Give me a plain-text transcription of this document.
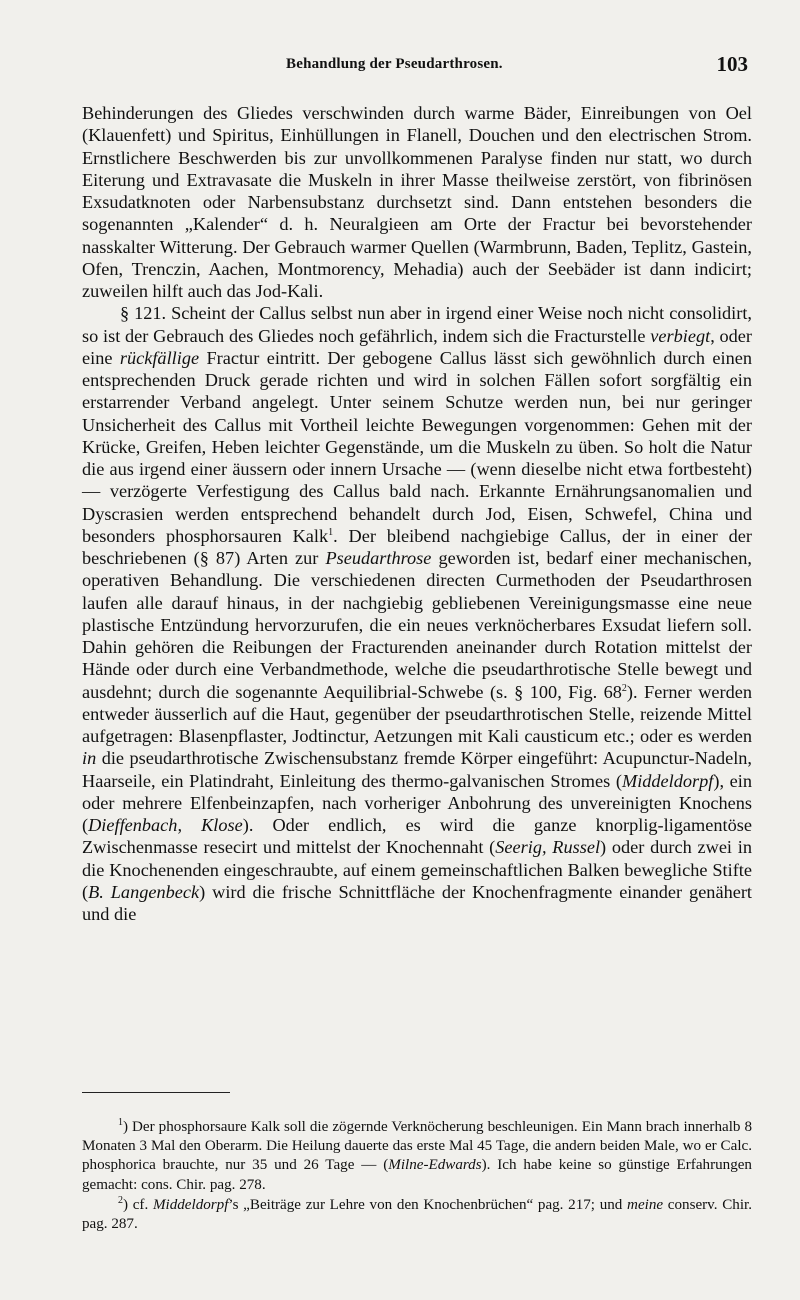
Behandlung der Pseudarthrosen.	103

Behinderungen des Gliedes verschwinden durch warme Bäder, Einreibungen von Oel (Klauenfett) und Spiritus, Einhüllungen in Flanell, Douchen und den electrischen Strom. Ernstlichere Beschwerden bis zur unvollkommenen Paralyse finden nur statt, wo durch Eiterung und Extravasate die Muskeln in ihrer Masse theilweise zerstört, von fibrinösen Exsudatknoten oder Narbensubstanz durchsetzt sind. Dann entstehen besonders die sogenannten „Kalender“ d. h. Neuralgieen am Orte der Fractur bei bevorstehender nasskalter Witterung. Der Gebrauch warmer Quellen (Warmbrunn, Baden, Teplitz, Gastein, Ofen, Trenczin, Aachen, Montmorency, Mehadia) auch der Seebäder ist dann indicirt; zuweilen hilft auch das Jod-Kali.

§ 121. Scheint der Callus selbst nun aber in irgend einer Weise noch nicht consolidirt, so ist der Gebrauch des Gliedes noch gefährlich, indem sich die Fracturstelle verbiegt, oder eine rückfällige Fractur eintritt. Der gebogene Callus lässt sich gewöhnlich durch einen entsprechenden Druck gerade richten und wird in solchen Fällen sofort sorgfältig ein erstarrender Verband angelegt. Unter seinem Schutze werden nun, bei nur geringer Unsicherheit des Callus mit Vortheil leichte Bewegungen vorgenommen: Gehen mit der Krücke, Greifen, Heben leichter Gegenstände, um die Muskeln zu üben. So holt die Natur die aus irgend einer äussern oder innern Ursache — (wenn dieselbe nicht etwa fortbesteht) — verzögerte Verfestigung des Callus bald nach. Erkannte Ernährungsanomalien und Dyscrasien werden entsprechend behandelt durch Jod, Eisen, Schwefel, China und besonders phosphorsauren Kalk$^1$. Der bleibend nachgiebige Callus, der in einer der beschriebenen (§ 87) Arten zur Pseudarthrose geworden ist, bedarf einer mechanischen, operativen Behandlung. Die verschiedenen directen Curmethoden der Pseudarthrosen laufen alle darauf hinaus, in der nachgiebig gebliebenen Vereinigungsmasse eine neue plastische Entzündung hervorzurufen, die ein neues verknöcherbares Exsudat liefern soll. Dahin gehören die Reibungen der Fracturenden aneinander durch Rotation mittelst der Hände oder durch eine Verbandmethode, welche die pseudarthrotische Stelle bewegt und ausdehnt; durch die sogenannte Aequilibrial-Schwebe (s. § 100, Fig. 68$^2$). Ferner werden entweder äusserlich auf die Haut, gegenüber der pseudarthrotischen Stelle, reizende Mittel aufgetragen: Blasenpflaster, Jodtinctur, Aetzungen mit Kali causticum etc.; oder es werden in die pseudarthrotische Zwischensubstanz fremde Körper eingeführt: Acupunctur-Nadeln, Haarseile, ein Platindraht, Einleitung des thermo-galvanischen Stromes (Middeldorpf), ein oder mehrere Elfenbeinzapfen, nach vorheriger Anbohrung des unvereinigten Knochens (Dieffenbach, Klose). Oder endlich, es wird die ganze knorplig-ligamentöse Zwischenmasse resecirt und mittelst der Knochennaht (Seerig, Russel) oder durch zwei in die Knochenenden eingeschraubte, auf einem gemeinschaftlichen Balken bewegliche Stifte (B. Langenbeck) wird die frische Schnittfläche der Knochenfragmente einander genähert und die

$^1$) Der phosphorsaure Kalk soll die zögernde Verknöcherung beschleunigen. Ein Mann brach innerhalb 8 Monaten 3 Mal den Oberarm. Die Heilung dauerte das erste Mal 45 Tage, die andern beiden Male, wo er Calc. phosphorica brauchte, nur 35 und 26 Tage — (Milne-Edwards). Ich habe keine so günstige Erfahrungen gemacht: cons. Chir. pag. 278.

$^2$) cf. Middeldorpf’s „Beiträge zur Lehre von den Knochenbrüchen“ pag. 217; und meine conserv. Chir. pag. 287.
